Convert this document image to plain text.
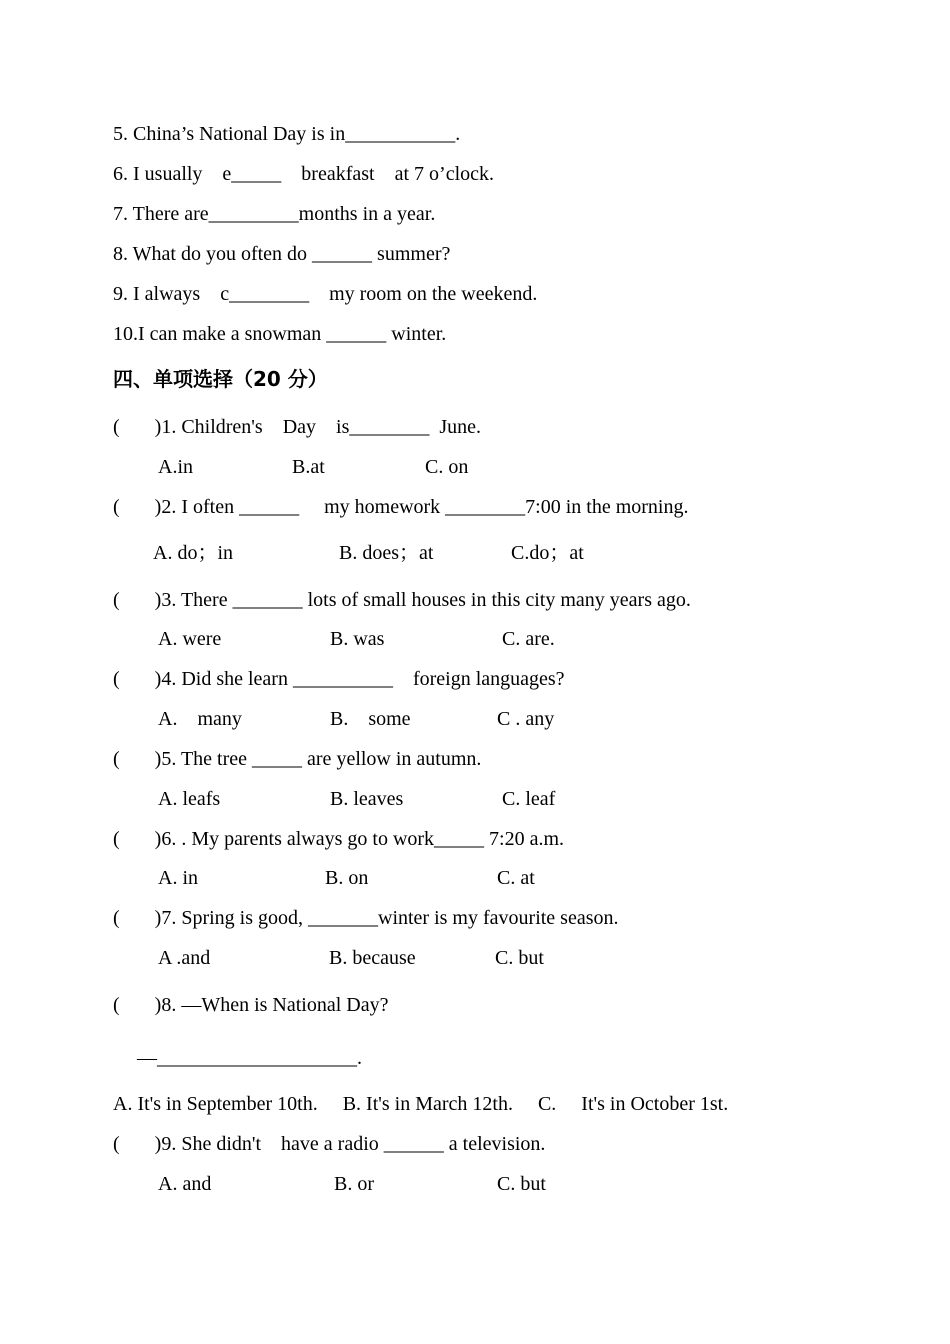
5. China’s National Day is in___________.
6. I usually    e_____    breakfast    at 7 o’clock.
7. There are_________months in a year.
8. What do you often do ______ summer?
9. I always    c________    my room on the weekend.
10.I can make a snowman ______ winter.
四、单项选择（20 分）
(       )1. Children's    Day    is________  June.
A.in	B.at	C. on
(       )2. I often ______     my homework ________7:00 in the morning.
A. do；in	B. does；at	C.do；at
(       )3. There _______ lots of small houses in this city many years ago.
A. were	B. was	C. are.
(       )4. Did she learn __________    foreign languages?
A.    many	B.    some	C . any
(       )5. The tree _____ are yellow in autumn.
A. leafs	B. leaves	C. leaf
(       )6. . My parents always go to work_____ 7:20 a.m.
A. in	B. on	C. at
(       )7. Spring is good, _______winter is my favourite season.
A .and	B. because	C. but
(       )8. —When is National Day?
—____________________.
A. It's in September 10th.     B. It's in March 12th.     C.     It's in October 1st.
(       )9. She didn't    have a radio ______ a television.
A. and	B. or	C. but
